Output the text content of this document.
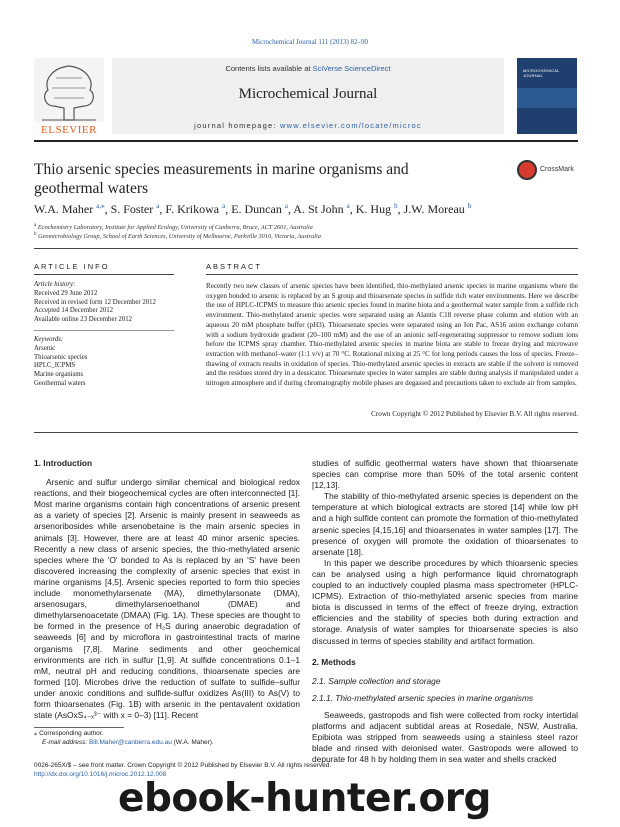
Microchemical Journal 111 (2013) 82–90
ELSEVIER
Contents lists available at SciVerse ScienceDirect
Microchemical Journal
journal homepage: www.elsevier.com/locate/microc
MICROCHEMICAL JOURNAL
Thio arsenic species measurements in marine organisms and geothermal waters
CrossMark
W.A. Maher $^{a,⁎}$, S. Foster $^a$, F. Krikowa $^a$, E. Duncan $^a$, A. St John $^a$, K. Hug $^b$, J.W. Moreau $^b$
$^a$ Ecochemistry Laboratory, Institute for Applied Ecology, University of Canberra, Bruce, ACT 2601, Australia
$^b$ Geomicrobiology Group, School of Earth Sciences, University of Melbourne, Parkville 3010, Victoria, Australia
ARTICLE INFO	ABSTRACT
Article history:
Received 29 June 2012
Received in revised form 12 December 2012
Accepted 14 December 2012
Available online 23 December 2012
Keywords:
Arsenic
Thioarsenic species
HPLC_ICPMS
Marine organisms
Geothermal waters
Recently two new classes of arsenic species have been identified, thio-methylated arsenic species in marine organisms where the oxygen bonded to arsenic is replaced by an S group and thioarsenate species in sulfide rich water environments. Here we describe the use of HPLC-ICPMS to measure thio arsenic species found in marine biota and a geothermal water sample from a sulfide rich environment. Thio-methylated arsenic species were separated using an Alantis C18 reverse phase column and elution with an aqueous 20 mM phosphate buffer (pH3). Thioarsenate species were separated using an Ion Pac, AS16 anion exchange column with a sodium hydroxide gradient (20–100 mM) and the use of an anionic self-regenerating suppressor to remove sodium ions before the ICPMS spray chamber. Thio-methylated arsenic species in marine biota are stable to freeze drying and microwave extraction with methanol–water (1:1 v/v) at 70 °C. Rotational mixing at 25 °C for long periods causes the loss of species. Freeze–thawing of extracts results in oxidation of species. Thio-methylated arsenic species in extracts are stable if the solvent is removed and the residues stored dry in a dessicator. Thioarsenate species in water samples are stable during analysis if manipulated under a nitrogen atmosphere and if during chromatography mobile phases are degassed and precautions taken to exclude air from samples.
Crown Copyright © 2012 Published by Elsevier B.V. All rights reserved.
1. Introduction

Arsenic and sulfur undergo similar chemical and biological redox reactions, and their biogeochemical cycles are often interconnected [1]. Most marine organisms contain high concentrations of arsenic present as a variety of species [2]. Arsenic is mainly present in seaweeds as arsenoribosides while arsenobetaine is the main arsenic species in animals [3]. However, there are at least 40 minor arsenic species. Recently a new class of arsenic species, the thio-methylated arsenic species where the 'O' bonded to As is replaced by an 'S' have been discovered increasing the complexity of arsenic species that exist in marine organisms [4,5]. Arsenic species reported to form thio species include monomethylarsenate (MA), dimethylarsonate (DMA), arsenosugars, dimethylarsenoethanol (DMAE) and dimethylarsenoacetate (DMAA) (Fig. 1A). These species are thought to be formed in the presence of H₂S during anaerobic degradation of seaweeds [6] and by microflora in gastrointestinal tracts of marine organisms [7,8]. Marine sediments and other geochemical environments are rich in sulfur [1,9]. At sulfide concentrations 0.1–1 mM, neutral pH and reducing conditions, thioarsenate species are formed [10]. Microbes drive the reduction of sulfate to sulfide–sulfur under anoxic conditions and sulfide-sulfur oxidizes As(III) to As(V) to form thioarsenates (Fig. 1B) with arsenic in the pentavalent oxidation state (AsOxS₄₋ₓ³⁻ with x = 0–3) [11]. Recent

studies of sulfidic geothermal waters have shown that thioarsenate species can comprise more than 50% of the total arsenic content [12,13].

The stability of thio-methylated arsenic species is dependent on the temperature at which biological extracts are stored [14] while low pH and a high sulfide content can promote the formation of thio-methylated arsenic species [4,15,16] and thioarsenates in water samples [17]. The presence of oxygen will promote the oxidation of thioarsenates to arsenate [18].

In this paper we describe procedures by which thioarsenic species can be analysed using a high performance liquid chromatograph coupled to an inductively coupled plasma mass spectrometer (HPLC-ICPMS). Extraction of thio-methylated arsenic species from marine biota is discussed in terms of the effect of freeze drying, extraction efficiencies and the stability of species both during extraction and storage. Analysis of water samples for thioarsenate species is also discussed in terms of species stability and artifact formation.

2. Methods
2.1. Sample collection and storage
2.1.1. Thio-methylated arsenic species in marine organisms

Seaweeds, gastropods and fish were collected from rocky intertidal platforms and adjacent subtidal areas at Rosedale, NSW, Australia. Epibiota was stripped from seaweeds using a stainless steel razor blade and rinsed with deionised water. Gastropods were allowed to depurate for 48 h by holding them in sea water and shells cracked

⁎ Corresponding author.
E-mail address: Bill.Maher@canberra.edu.au (W.A. Maher).
0026-265X/$ – see front matter. Crown Copyright © 2012 Published by Elsevier B.V. All rights reserved.
http://dx.doi.org/10.1016/j.microc.2012.12.008
ebook-hunter.org
